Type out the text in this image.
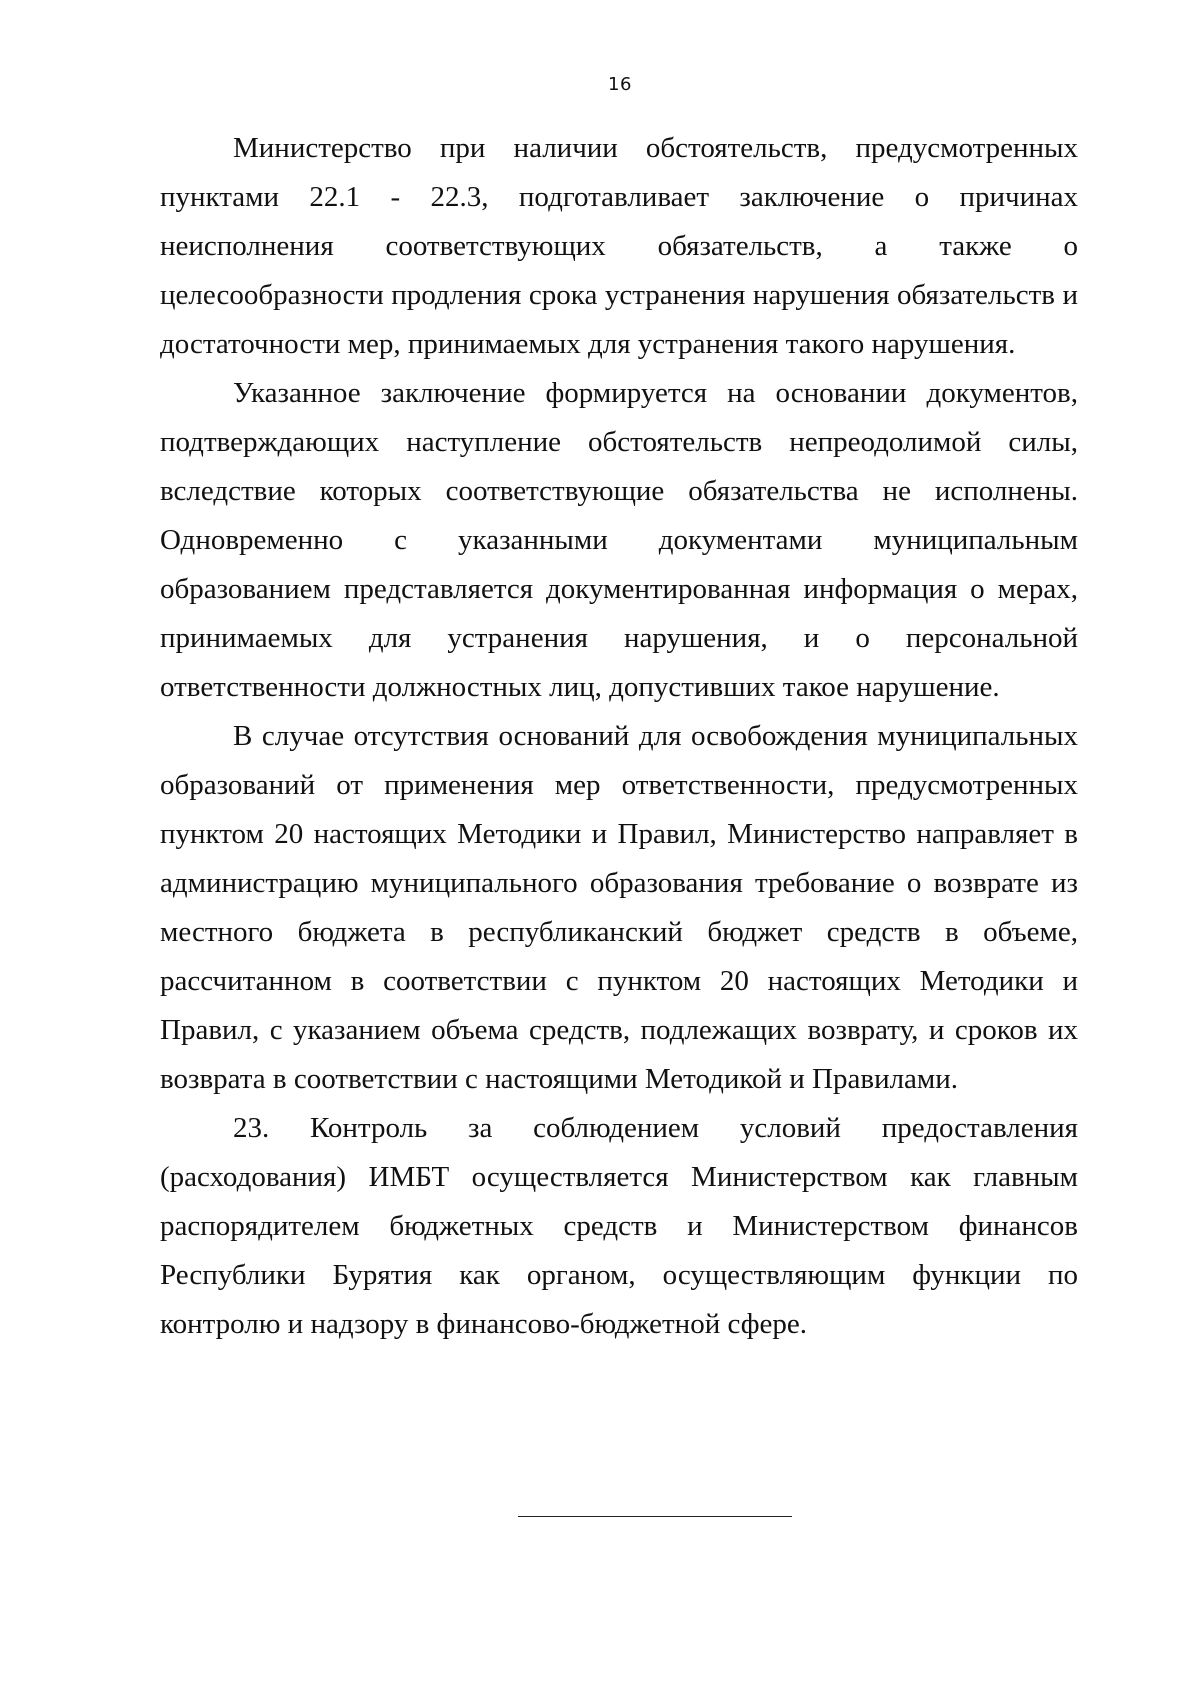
16

Министерство при наличии обстоятельств, предусмотренных пунктами 22.1 - 22.3, подготавливает заключение о причинах неисполнения соответствующих обязательств, а также о целесообразности продления срока устранения нарушения обязательств и достаточности мер, принимаемых для устранения такого нарушения.

Указанное заключение формируется на основании документов, подтверждающих наступление обстоятельств непреодолимой силы, вследствие которых соответствующие обязательства не исполнены. Одновременно с указанными документами муниципальным образованием представляется документированная информация о мерах, принимаемых для устранения нарушения, и о персональной ответственности должностных лиц, допустивших такое нарушение.

В случае отсутствия оснований для освобождения муниципальных образований от применения мер ответственности, предусмотренных пунктом 20 настоящих Методики и Правил, Министерство направляет в администрацию муниципального образования требование о возврате из местного бюджета в республиканский бюджет средств в объеме, рассчитанном в соответствии с пунктом 20 настоящих Методики и Правил, с указанием объема средств, подлежащих возврату, и сроков их возврата в соответствии с настоящими Методикой и Правилами.

23. Контроль за соблюдением условий предоставления (расходования) ИМБТ осуществляется Министерством как главным распорядителем бюджетных средств и Министерством финансов Республики Бурятия как органом, осуществляющим функции по контролю и надзору в финансово-бюджетной сфере.
